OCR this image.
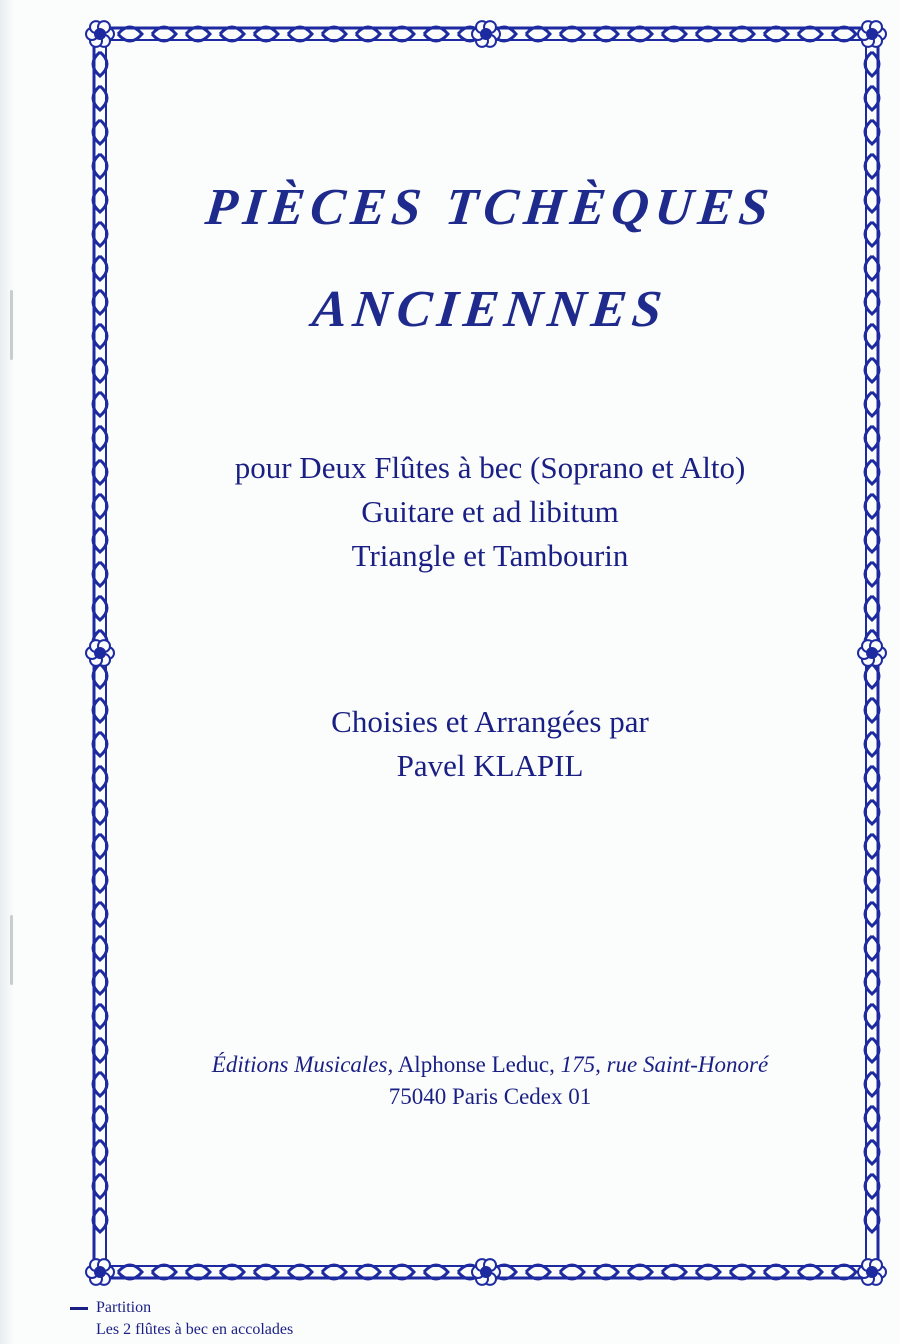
PIÈCES TCHÈQUES
ANCIENNES
pour Deux Flûtes à bec (Soprano et Alto)
Guitare et ad libitum
Triangle et Tambourin
Choisies et Arrangées par
Pavel KLAPIL
Éditions Musicales, Alphonse Leduc, 175, rue Saint-Honoré
75040 Paris Cedex 01
Partition
Les 2 flûtes à bec en accolades
